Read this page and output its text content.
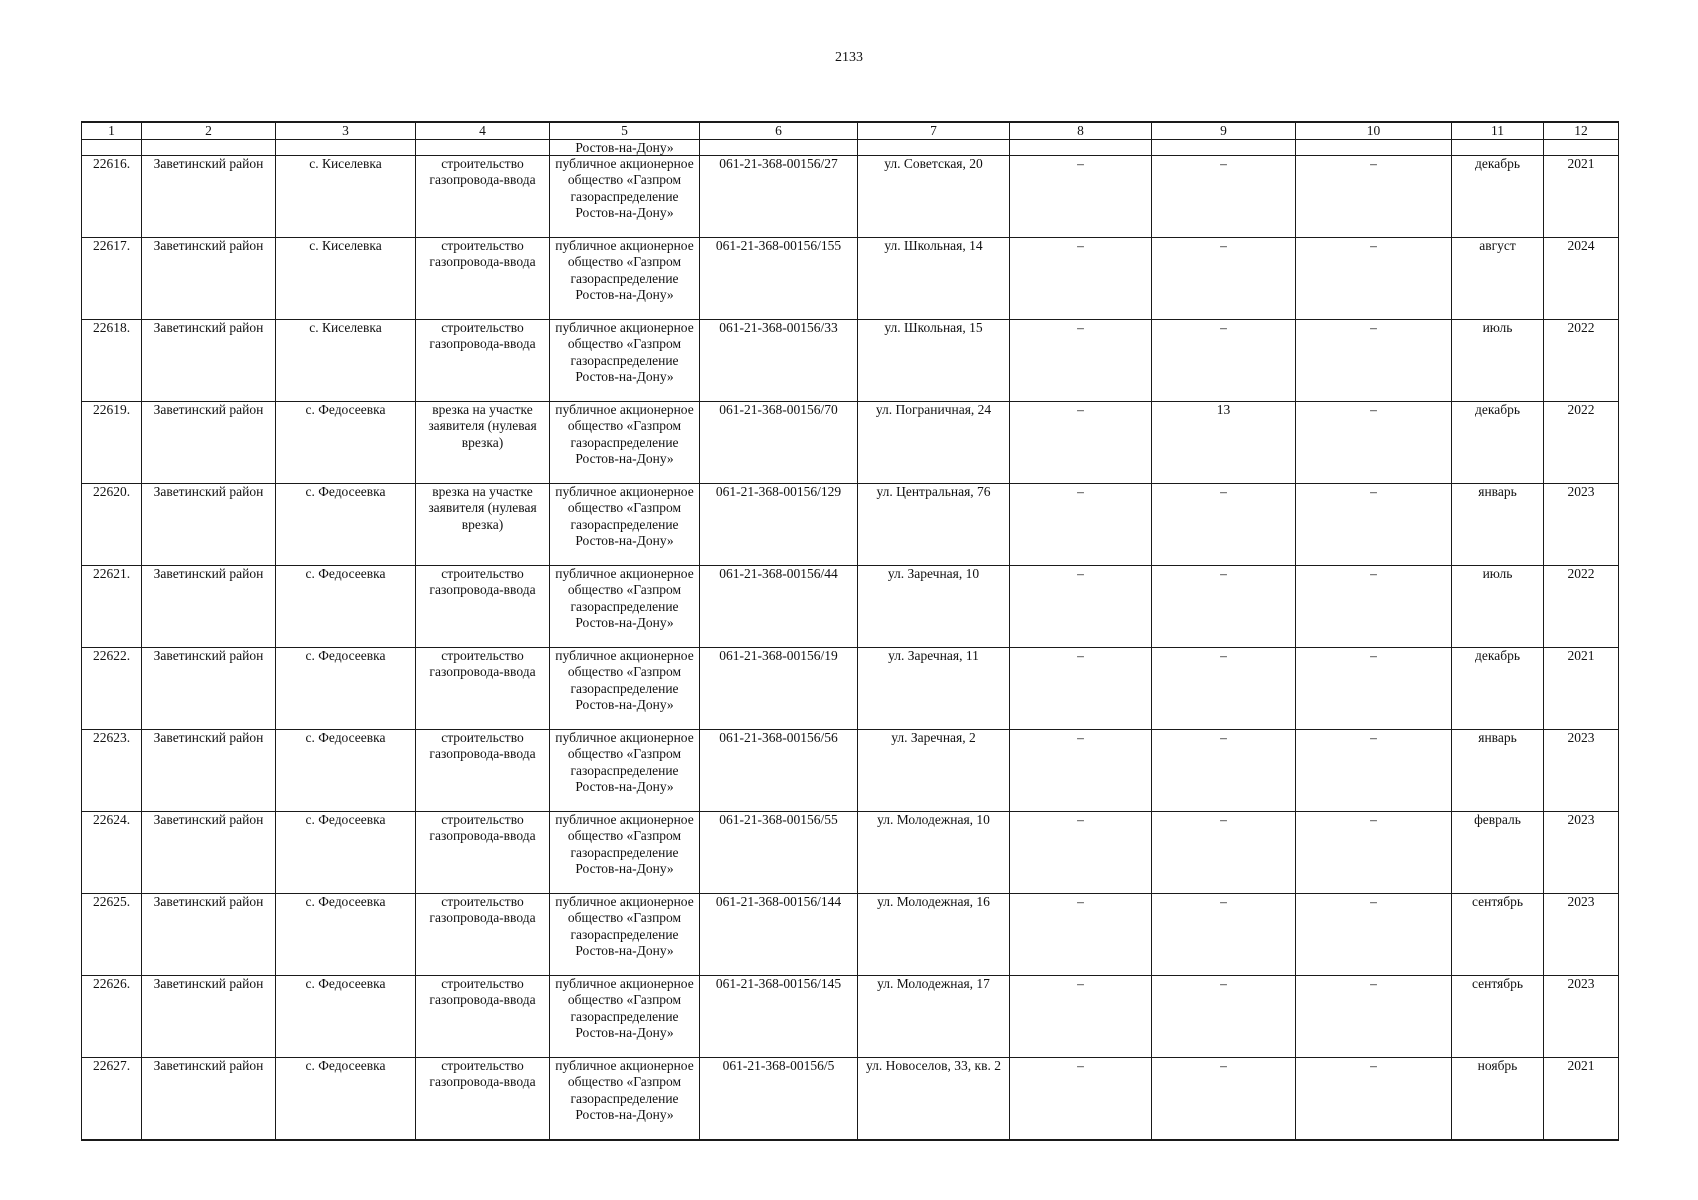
2133
1	2	3	4	5	6	7	8	9	10	11	12
				Ростов-на-Дону»							
22616.	Заветинский район	с. Киселевка	строительство газопровода-ввода	публичное акционерное общество «Газпром газораспределение Ростов-на-Дону»	061-21-368-00156/27	ул. Советская, 20	–	–	–	декабрь	2021
22617.	Заветинский район	с. Киселевка	строительство газопровода-ввода	публичное акционерное общество «Газпром газораспределение Ростов-на-Дону»	061-21-368-00156/155	ул. Школьная, 14	–	–	–	август	2024
22618.	Заветинский район	с. Киселевка	строительство газопровода-ввода	публичное акционерное общество «Газпром газораспределение Ростов-на-Дону»	061-21-368-00156/33	ул. Школьная, 15	–	–	–	июль	2022
22619.	Заветинский район	с. Федосеевка	врезка на участке заявителя (нулевая врезка)	публичное акционерное общество «Газпром газораспределение Ростов-на-Дону»	061-21-368-00156/70	ул. Пограничная, 24	–	13	–	декабрь	2022
22620.	Заветинский район	с. Федосеевка	врезка на участке заявителя (нулевая врезка)	публичное акционерное общество «Газпром газораспределение Ростов-на-Дону»	061-21-368-00156/129	ул. Центральная, 76	–	–	–	январь	2023
22621.	Заветинский район	с. Федосеевка	строительство газопровода-ввода	публичное акционерное общество «Газпром газораспределение Ростов-на-Дону»	061-21-368-00156/44	ул. Заречная, 10	–	–	–	июль	2022
22622.	Заветинский район	с. Федосеевка	строительство газопровода-ввода	публичное акционерное общество «Газпром газораспределение Ростов-на-Дону»	061-21-368-00156/19	ул. Заречная, 11	–	–	–	декабрь	2021
22623.	Заветинский район	с. Федосеевка	строительство газопровода-ввода	публичное акционерное общество «Газпром газораспределение Ростов-на-Дону»	061-21-368-00156/56	ул. Заречная, 2	–	–	–	январь	2023
22624.	Заветинский район	с. Федосеевка	строительство газопровода-ввода	публичное акционерное общество «Газпром газораспределение Ростов-на-Дону»	061-21-368-00156/55	ул. Молодежная, 10	–	–	–	февраль	2023
22625.	Заветинский район	с. Федосеевка	строительство газопровода-ввода	публичное акционерное общество «Газпром газораспределение Ростов-на-Дону»	061-21-368-00156/144	ул. Молодежная, 16	–	–	–	сентябрь	2023
22626.	Заветинский район	с. Федосеевка	строительство газопровода-ввода	публичное акционерное общество «Газпром газораспределение Ростов-на-Дону»	061-21-368-00156/145	ул. Молодежная, 17	–	–	–	сентябрь	2023
22627.	Заветинский район	с. Федосеевка	строительство газопровода-ввода	публичное акционерное общество «Газпром газораспределение Ростов-на-Дону»	061-21-368-00156/5	ул. Новоселов, 33, кв. 2	–	–	–	ноябрь	2021
